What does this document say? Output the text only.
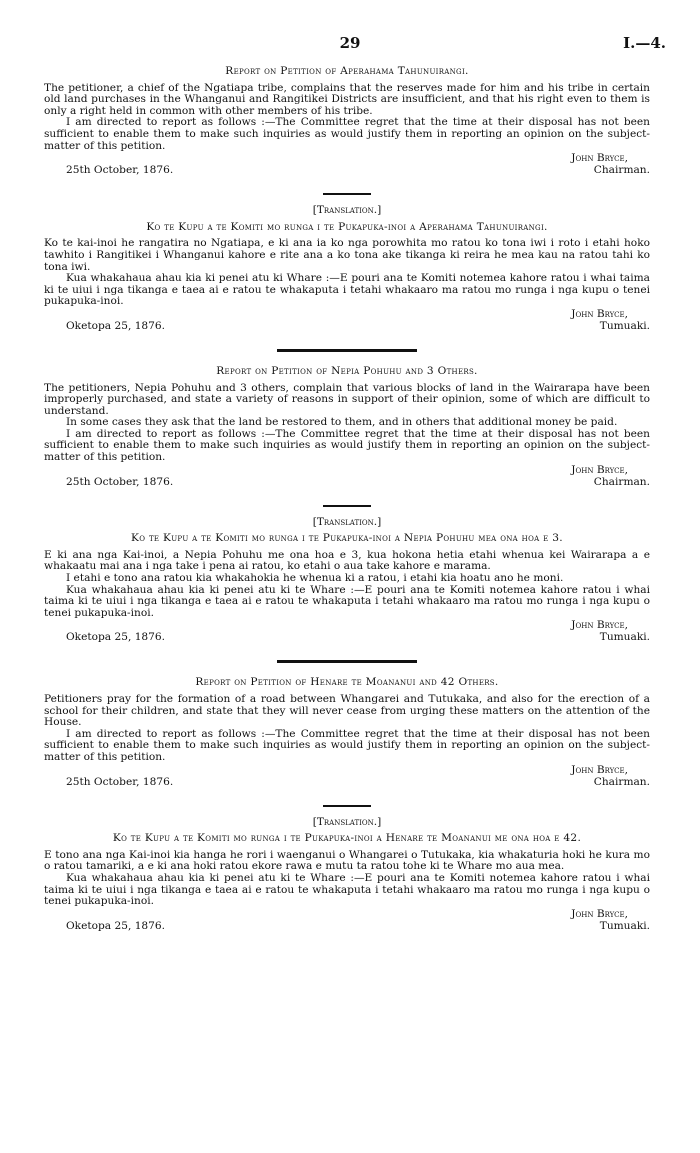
29	I.—4.
Report on Petition of Aperahama Tahunuirangi.

The petitioner, a chief of the Ngatiapa tribe, complains that the reserves made for him and his tribe in certain old land purchases in the Whanganui and Rangitikei Districts are insufficient, and that his right even to them is only a right held in common with other members of his tribe.

I am directed to report as follows :—The Committee regret that the time at their disposal has not been sufficient to enable them to make such inquiries as would justify them in reporting an opinion on the subject-matter of this petition.

John Bryce,
Chairman.
25th October, 1876.
[Translation.]
Ko te Kupu a te Komiti mo runga i te Pukapuka-inoi a Aperahama Tahunuirangi.

Ko te kai-inoi he rangatira no Ngatiapa, e ki ana ia ko nga porowhita mo ratou ko tona iwi i roto i etahi hoko tawhito i Rangitikei i Whanganui kahore e rite ana a ko tona ake tikanga ki reira he mea kau na ratou tahi ko tona iwi.

Kua whakahaua ahau kia ki penei atu ki Whare :—E pouri ana te Komiti notemea kahore ratou i whai taima ki te uiui i nga tikanga e taea ai e ratou te whakaputa i tetahi whakaaro ma ratou mo runga i nga kupu o tenei pukapuka-inoi.

John Bryce,
Tumuaki.
Oketopa 25, 1876.
Report on Petition of Nepia Pohuhu and 3 Others.

The petitioners, Nepia Pohuhu and 3 others, complain that various blocks of land in the Wairarapa have been improperly purchased, and state a variety of reasons in support of their opinion, some of which are difficult to understand.

In some cases they ask that the land be restored to them, and in others that additional money be paid.

I am directed to report as follows :—The Committee regret that the time at their disposal has not been sufficient to enable them to make such inquiries as would justify them in reporting an opinion on the subject-matter of this petition.

John Bryce,
Chairman.
25th October, 1876.
[Translation.]
Ko te Kupu a te Komiti mo runga i te Pukapuka-inoi a Nepia Pohuhu mea ona hoa e 3.

E ki ana nga Kai-inoi, a Nepia Pohuhu me ona hoa e 3, kua hokona hetia etahi whenua kei Wairarapa a e whakaatu mai ana i nga take i pena ai ratou, ko etahi o aua take kahore e marama.

I etahi e tono ana ratou kia whakahokia he whenua ki a ratou, i etahi kia hoatu ano he moni.

Kua whakahaua ahau kia ki penei atu ki te Whare :—E pouri ana te Komiti notemea kahore ratou i whai taima ki te uiui i nga tikanga e taea ai e ratou te whakaputa i tetahi whakaaro ma ratou mo runga i nga kupu o tenei pukapuka-inoi.

John Bryce,
Tumuaki.
Oketopa 25, 1876.
Report on Petition of Henare te Moananui and 42 Others.

Petitioners pray for the formation of a road between Whangarei and Tutukaka, and also for the erection of a school for their children, and state that they will never cease from urging these matters on the attention of the House.

I am directed to report as follows :—The Committee regret that the time at their disposal has not been sufficient to enable them to make such inquiries as would justify them in reporting an opinion on the subject-matter of this petition.

John Bryce,
Chairman.
25th October, 1876.
[Translation.]
Ko te Kupu a te Komiti mo runga i te Pukapuka-inoi a Henare te Moananui me ona hoa e 42.

E tono ana nga Kai-inoi kia hanga he rori i waenganui o Whangarei o Tutukaka, kia whakaturia hoki he kura mo o ratou tamariki, a e ki ana hoki ratou ekore rawa e mutu ta ratou tohe ki te Whare mo aua mea.

Kua whakahaua ahau kia ki penei atu ki te Whare :—E pouri ana te Komiti notemea kahore ratou i whai taima ki te uiui i nga tikanga e taea ai e ratou te whakaputa i tetahi whakaaro ma ratou mo runga i nga kupu o tenei pukapuka-inoi.

John Bryce,
Tumuaki.
Oketopa 25, 1876.
